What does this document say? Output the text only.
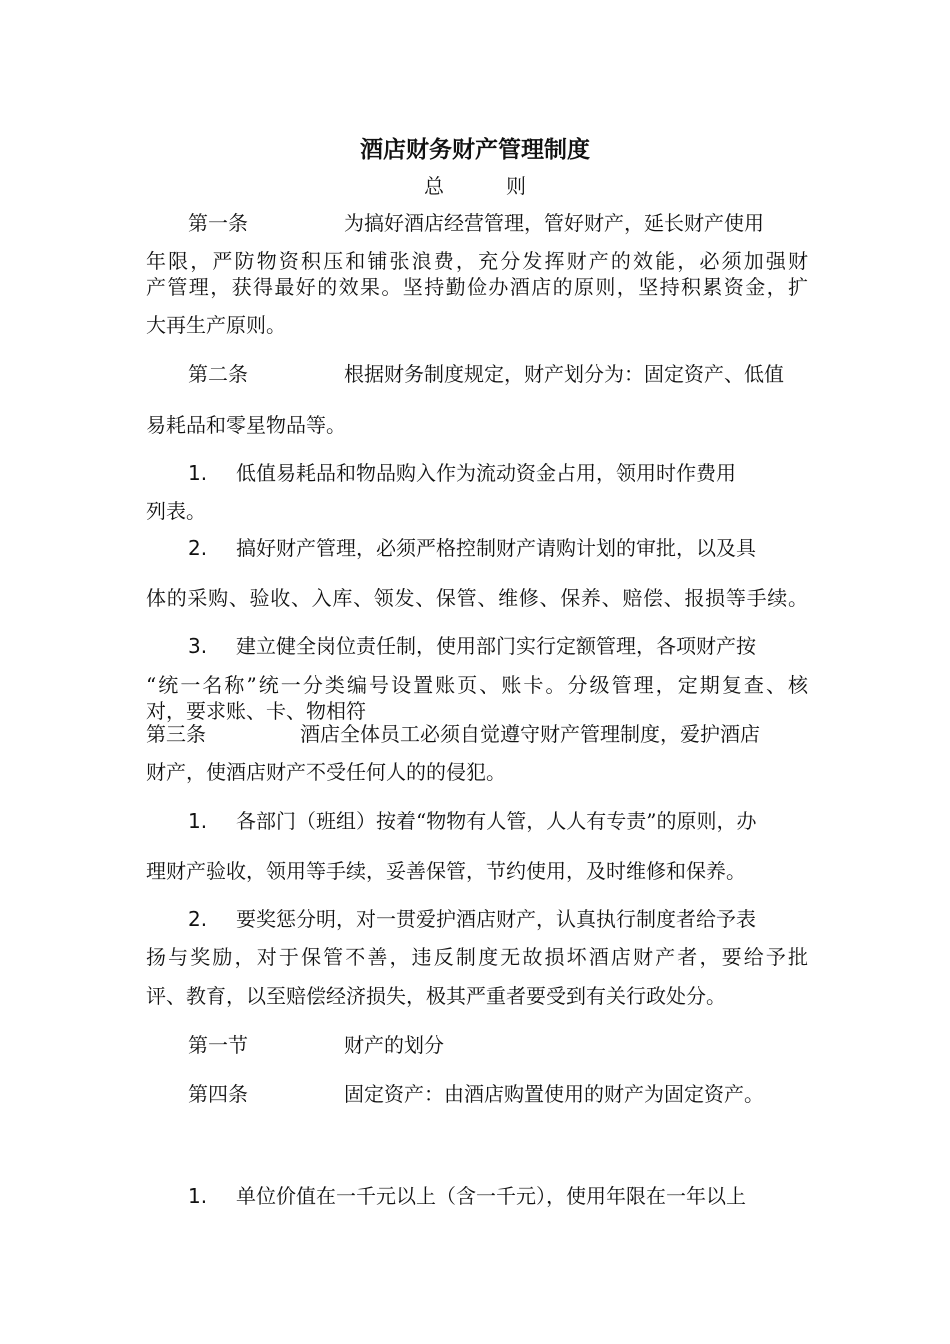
酒店财务财产管理制度
总	则
第一条	为搞好酒店经营管理，管好财产，延长财产使用
年限，严防物资积压和铺张浪费，充分发挥财产的效能，必须加强财
产管理，获得最好的效果。坚持勤俭办酒店的原则，坚持积累资金，扩
大再生产原则。
第二条	根据财务制度规定，财产划分为：固定资产、低值
易耗品和零星物品等。
1. 低值易耗品和物品购入作为流动资金占用，领用时作费用
列表。
2. 搞好财产管理，必须严格控制财产请购计划的审批，以及具
体的采购、验收、入库、领发、保管、维修、保养、赔偿、报损等手续。
3. 建立健全岗位责任制，使用部门实行定额管理，各项财产按
“统一名称”统一分类编号设置账页、账卡。分级管理，定期复查、核
对，要求账、卡、物相符
第三条	酒店全体员工必须自觉遵守财产管理制度，爱护酒店
财产，使酒店财产不受任何人的的侵犯。
1. 各部门（班组）按着“物物有人管，人人有专责”的原则，办
理财产验收，领用等手续，妥善保管，节约使用，及时维修和保养。
2. 要奖惩分明，对一贯爱护酒店财产，认真执行制度者给予表
扬与奖励，对于保管不善，违反制度无故损坏酒店财产者，要给予批
评、教育，以至赔偿经济损失，极其严重者要受到有关行政处分。
第一节	财产的划分
第四条	固定资产：由酒店购置使用的财产为固定资产。
1. 单位价值在一千元以上（含一千元），使用年限在一年以上
